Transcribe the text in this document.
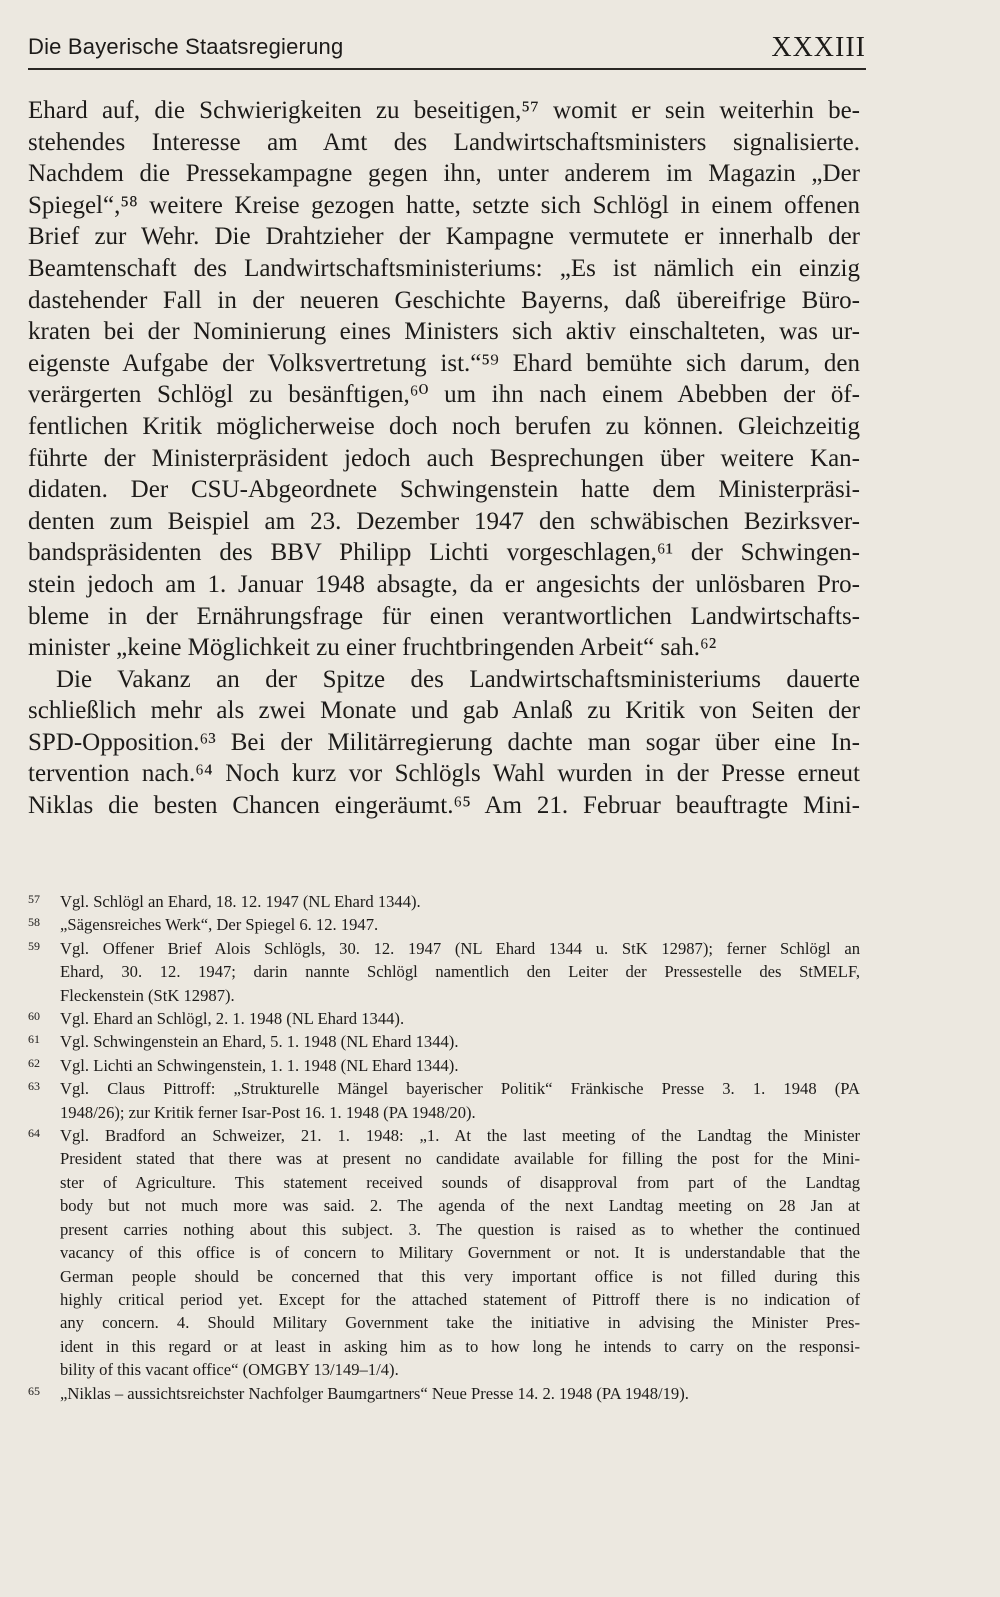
Die Bayerische Staatsregierung	XXXIII
Ehard auf, die Schwierigkeiten zu beseitigen,⁵⁷ womit er sein weiterhin be-
stehendes Interesse am Amt des Landwirtschaftsministers signalisierte.
Nachdem die Pressekampagne gegen ihn, unter anderem im Magazin „Der
Spiegel“,⁵⁸ weitere Kreise gezogen hatte, setzte sich Schlögl in einem offenen
Brief zur Wehr. Die Drahtzieher der Kampagne vermutete er innerhalb der
Beamtenschaft des Landwirtschaftsministeriums: „Es ist nämlich ein einzig
dastehender Fall in der neueren Geschichte Bayerns, daß übereifrige Büro-
kraten bei der Nominierung eines Ministers sich aktiv einschalteten, was ur-
eigenste Aufgabe der Volksvertretung ist.“⁵⁹ Ehard bemühte sich darum, den
verärgerten Schlögl zu besänftigen,⁶⁰ um ihn nach einem Abebben der öf-
fentlichen Kritik möglicherweise doch noch berufen zu können. Gleichzeitig
führte der Ministerpräsident jedoch auch Besprechungen über weitere Kan-
didaten. Der CSU-Abgeordnete Schwingenstein hatte dem Ministerpräsi-
denten zum Beispiel am 23. Dezember 1947 den schwäbischen Bezirksver-
bandspräsidenten des BBV Philipp Lichti vorgeschlagen,⁶¹ der Schwingen-
stein jedoch am 1. Januar 1948 absagte, da er angesichts der unlösbaren Pro-
bleme in der Ernährungsfrage für einen verantwortlichen Landwirtschafts-
minister „keine Möglichkeit zu einer fruchtbringenden Arbeit“ sah.⁶²
Die Vakanz an der Spitze des Landwirtschaftsministeriums dauerte
schließlich mehr als zwei Monate und gab Anlaß zu Kritik von Seiten der
SPD-Opposition.⁶³ Bei der Militärregierung dachte man sogar über eine In-
tervention nach.⁶⁴ Noch kurz vor Schlögls Wahl wurden in der Presse erneut
Niklas die besten Chancen eingeräumt.⁶⁵ Am 21. Februar beauftragte Mini-
57 Vgl. Schlögl an Ehard, 18. 12. 1947 (NL Ehard 1344).
58 „Sägensreiches Werk“, Der Spiegel 6. 12. 1947.
59 Vgl. Offener Brief Alois Schlögls, 30. 12. 1947 (NL Ehard 1344 u. StK 12987); ferner Schlögl an
Ehard, 30. 12. 1947; darin nannte Schlögl namentlich den Leiter der Pressestelle des StMELF,
Fleckenstein (StK 12987).
60 Vgl. Ehard an Schlögl, 2. 1. 1948 (NL Ehard 1344).
61 Vgl. Schwingenstein an Ehard, 5. 1. 1948 (NL Ehard 1344).
62 Vgl. Lichti an Schwingenstein, 1. 1. 1948 (NL Ehard 1344).
63 Vgl. Claus Pittroff: „Strukturelle Mängel bayerischer Politik“ Fränkische Presse 3. 1. 1948 (PA
1948/26); zur Kritik ferner Isar-Post 16. 1. 1948 (PA 1948/20).
64 Vgl. Bradford an Schweizer, 21. 1. 1948: „1. At the last meeting of the Landtag the Minister
President stated that there was at present no candidate available for filling the post for the Mini-
ster of Agriculture. This statement received sounds of disapproval from part of the Landtag
body but not much more was said. 2. The agenda of the next Landtag meeting on 28 Jan at
present carries nothing about this subject. 3. The question is raised as to whether the continued
vacancy of this office is of concern to Military Government or not. It is understandable that the
German people should be concerned that this very important office is not filled during this
highly critical period yet. Except for the attached statement of Pittroff there is no indication of
any concern. 4. Should Military Government take the initiative in advising the Minister Pres-
ident in this regard or at least in asking him as to how long he intends to carry on the responsi-
bility of this vacant office“ (OMGBY 13/149–1/4).
65 „Niklas – aussichtsreichster Nachfolger Baumgartners“ Neue Presse 14. 2. 1948 (PA 1948/19).
